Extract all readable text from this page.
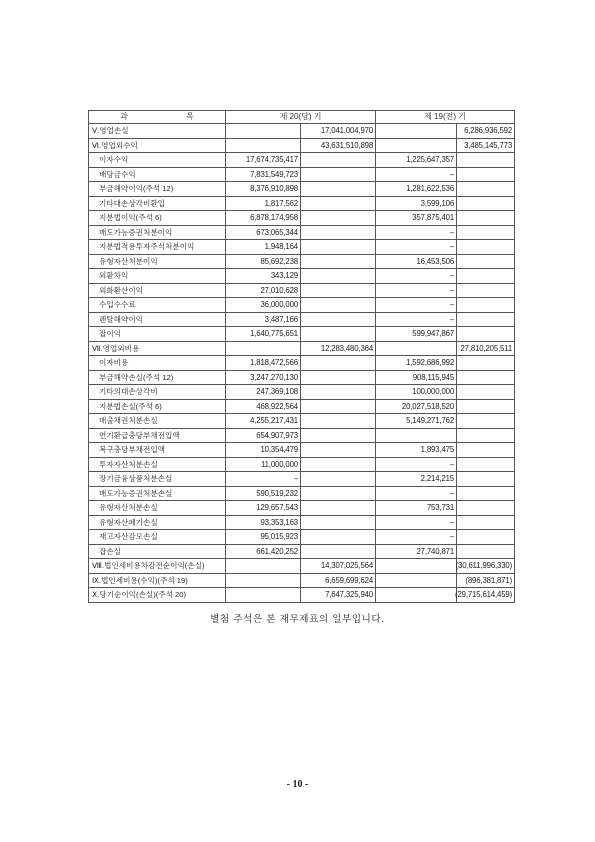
과 목	제 20(당) 기		제 19(전) 기	
Ⅴ.영업손실		17,041,004,970		6,286,936,592

Ⅵ.영업외수익		43,631,510,898		3,485,145,773

이자수익	17,674,735,417		1,225,647,357	

배당금수익	7,831,549,723		–	

부금해약이익(주석 12)	8,376,910,898		1,281,622,536	

기타대손상각비환입	1,817,562		3,599,106	

지분법이익(주석 6)	6,878,174,958		357,875,401	

매도가능증권처분이익	673,065,344		–	

지분법적용투자주식처분이익	1,948,164		–	

유형자산처분이익	85,692,238		16,453,506	

외환차익	343,129		–	

외화환산이익	27,010,628		–	

수입수수료	36,000,000		–	

렌탈해약이익	3,487,166		–	

잡이익	1,640,775,651		599,947,867	

Ⅶ.영업외비용		12,283,480,364		27,810,205,511

이자비용	1,818,472,566		1,592,686,992	

부금해약손실(주석 12)	3,247,270,130		908,115,945	

기타의대손상각비	247,369,108		100,000,000	

지분법손실(주석 6)	468,922,564		20,027,518,520	

매출채권처분손실	4,255,217,431		5,149,271,762	

연기환급충당부채전입액	654,907,973			

복구충당부채전입액	10,354,479		1,893,475	

투자자산처분손실	11,000,000		–	

장기금융상품처분손실	–		2,214,215	

매도가능증권처분손실	590,519,232		–	

유형자산처분손실	129,657,543		753,731	

유형자산폐기손실	93,353,163		–	

재고자산감모손실	95,015,923		–	

잡손실	661,420,252		27,740,871	

Ⅷ.법인세비용차감전순이익(손실)		14,307,025,564		(30,611,996,330)

Ⅸ.법인세비용(수익)(주석 19)		6,659,699,624		(896,381,871)

Ⅹ.당기순이익(손실)(주석 20)		7,647,325,940		(29,715,614,459)
별첨 주석은 본 재무제표의 일부입니다.
- 10 -
